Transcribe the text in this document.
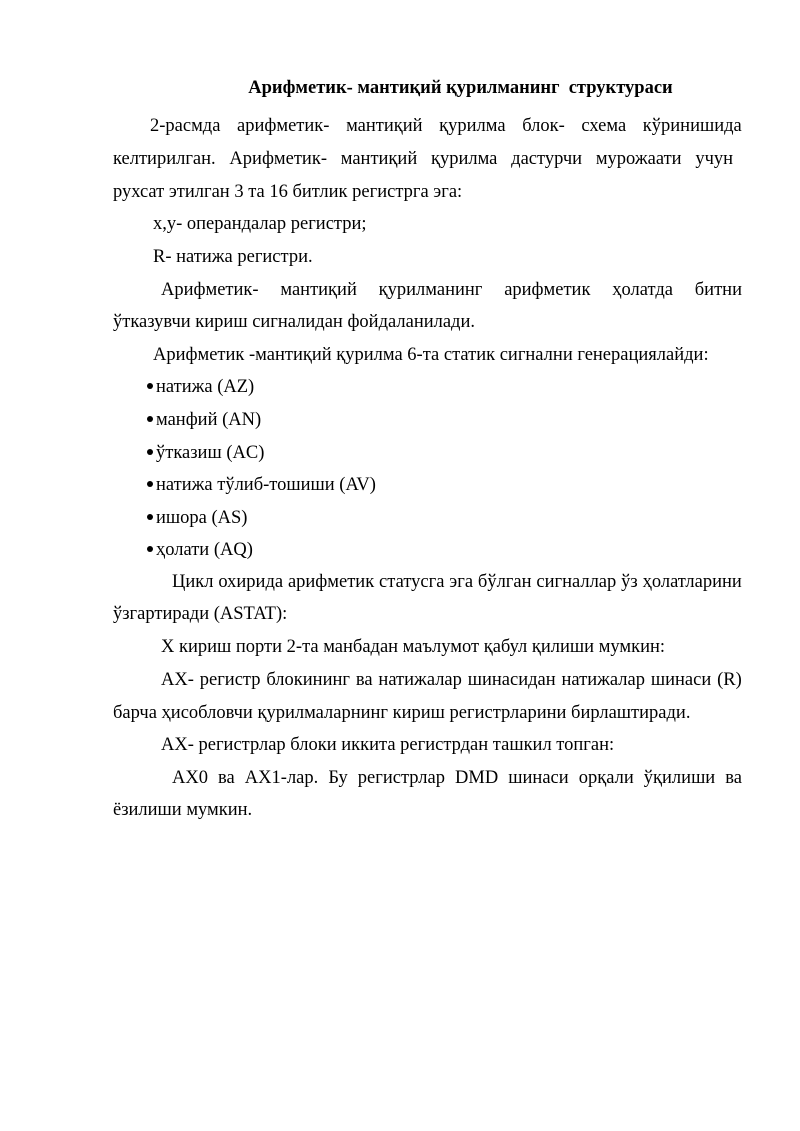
Арифметик- мантиқий қурилманинг  структураси
2-расмда арифметик- мантиқий қурилма блок- схема кўринишида
келтирилган. Арифметик- мантиқий қурилма дастурчи мурожаати учун
рухсат этилган 3 та 16 битлик регистрга эга:
x,y- операндалар регистри;
R- натижа регистри.
Арифметик- мантиқий қурилманинг арифметик ҳолатда битни
ўтказувчи кириш сигналидан фойдаланилади.
Арифметик -мантиқий қурилма 6-та статик сигнални генерациялайди:
натижа (AZ)
манфий (AN)
ўтказиш (AC)
натижа тўлиб-тошиши (AV)
ишора (AS)
ҳолати (AQ)
Цикл охирида арифметик статусга эга бўлган сигналлар ўз ҳолатларини
ўзгартиради (ASTAT):
X кириш порти 2-та манбадан маълумот қабул қилиши мумкин:
AX- регистр блокининг ва натижалар шинасидан натижалар шинаси (R)
барча ҳисобловчи қурилмаларнинг кириш регистрларини бирлаштиради.
AX- регистрлар блоки иккита регистрдан ташкил топган:
AX0 ва AX1-лар. Бу регистрлар DMD шинаси орқали ўқилиши ва
ёзилиши мумкин.
